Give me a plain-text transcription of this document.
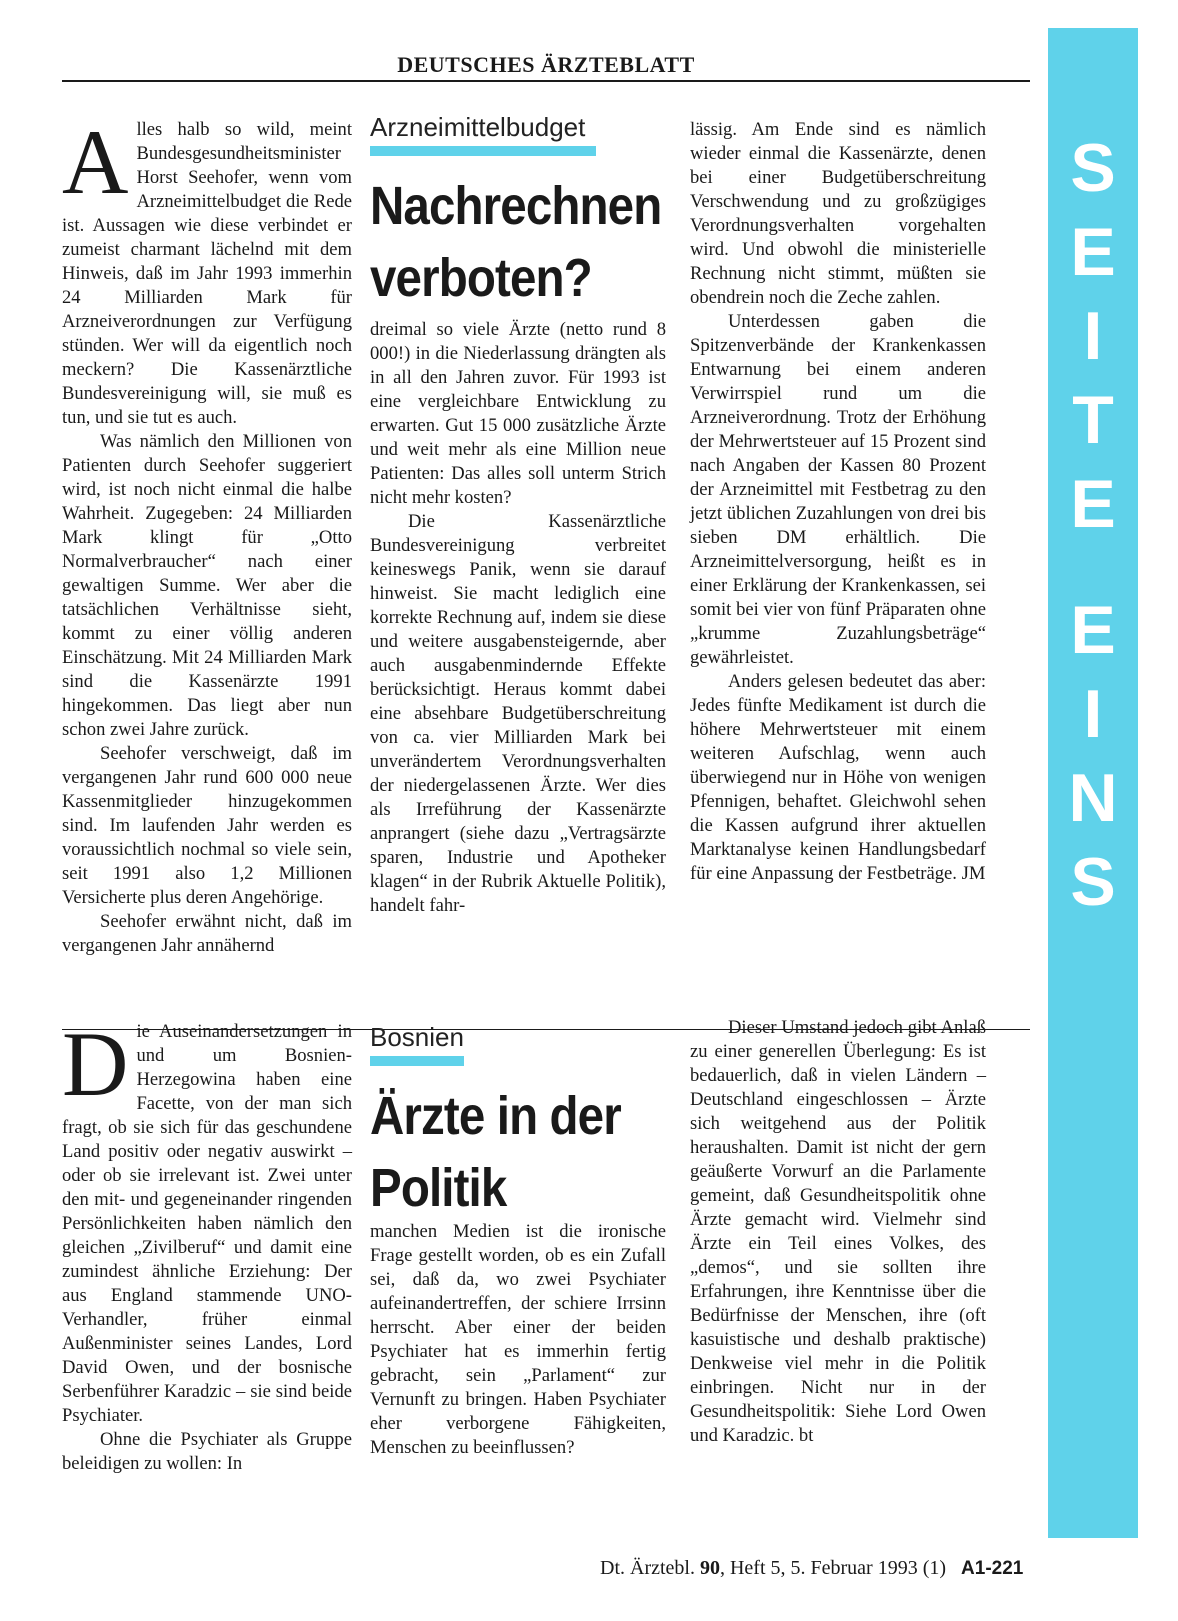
DEUTSCHES ÄRZTEBLATT
S
E
I
T
E
E
I
N
S

Alles halb so wild, meint Bundesgesundheitsminister Horst Seehofer, wenn vom Arzneimittelbudget die Rede ist. Aussagen wie diese verbindet er zumeist charmant lächelnd mit dem Hinweis, daß im Jahr 1993 immerhin 24 Milliarden Mark für Arzneiverordnungen zur Verfügung stünden. Wer will da eigentlich noch meckern? Die Kassenärztliche Bundesvereinigung will, sie muß es tun, und sie tut es auch.

Was nämlich den Millionen von Patienten durch Seehofer suggeriert wird, ist noch nicht einmal die halbe Wahrheit. Zugegeben: 24 Milliarden Mark klingt für „Otto Normalverbraucher“ nach einer gewaltigen Summe. Wer aber die tatsächlichen Verhältnisse sieht, kommt zu einer völlig anderen Einschätzung. Mit 24 Milliarden Mark sind die Kassenärzte 1991 hingekommen. Das liegt aber nun schon zwei Jahre zurück.

Seehofer verschweigt, daß im vergangenen Jahr rund 600 000 neue Kassenmitglieder hinzugekommen sind. Im laufenden Jahr werden es voraussichtlich nochmal so viele sein, seit 1991 also 1,2 Millionen Versicherte plus deren Angehörige.

Seehofer erwähnt nicht, daß im vergangenen Jahr annähernd

Arzneimittelbudget
Nachrechnen
verboten?

dreimal so viele Ärzte (netto rund 8 000!) in die Niederlassung drängten als in all den Jahren zuvor. Für 1993 ist eine vergleichbare Entwicklung zu erwarten. Gut 15 000 zusätzliche Ärzte und weit mehr als eine Million neue Patienten: Das alles soll unterm Strich nicht mehr kosten?

Die Kassenärztliche Bundesvereinigung verbreitet keineswegs Panik, wenn sie darauf hinweist. Sie macht lediglich eine korrekte Rechnung auf, indem sie diese und weitere ausgabensteigernde, aber auch ausgabenmindernde Effekte berücksichtigt. Heraus kommt dabei eine absehbare Budgetüberschreitung von ca. vier Milliarden Mark bei unverändertem Verordnungsverhalten der niedergelassenen Ärzte. Wer dies als Irreführung der Kassenärzte anprangert (siehe dazu „Vertragsärzte sparen, Industrie und Apotheker klagen“ in der Rubrik Aktuelle Politik), handelt fahr-

lässig. Am Ende sind es nämlich wieder einmal die Kassenärzte, denen bei einer Budgetüberschreitung Verschwendung und zu großzügiges Verordnungsverhalten vorgehalten wird. Und obwohl die ministerielle Rechnung nicht stimmt, müßten sie obendrein noch die Zeche zahlen.

Unterdessen gaben die Spitzenverbände der Krankenkassen Entwarnung bei einem anderen Verwirrspiel rund um die Arzneiverordnung. Trotz der Erhöhung der Mehrwertsteuer auf 15 Prozent sind nach Angaben der Kassen 80 Prozent der Arzneimittel mit Festbetrag zu den jetzt üblichen Zuzahlungen von drei bis sieben DM erhältlich. Die Arzneimittelversorgung, heißt es in einer Erklärung der Krankenkassen, sei somit bei vier von fünf Präparaten ohne „krumme Zuzahlungsbeträge“ gewährleistet.

Anders gelesen bedeutet das aber: Jedes fünfte Medikament ist durch die höhere Mehrwertsteuer mit einem weiteren Aufschlag, wenn auch überwiegend nur in Höhe von wenigen Pfennigen, behaftet. Gleichwohl sehen die Kassen aufgrund ihrer aktuellen Marktanalyse keinen Handlungsbedarf für eine Anpassung der Festbeträge. JM

Die Auseinandersetzungen in und um Bosnien-Herzegowina haben eine Facette, von der man sich fragt, ob sie sich für das geschundene Land positiv oder negativ auswirkt – oder ob sie irrelevant ist. Zwei unter den mit- und gegeneinander ringenden Persönlichkeiten haben nämlich den gleichen „Zivilberuf“ und damit eine zumindest ähnliche Erziehung: Der aus England stammende UNO-Verhandler, früher einmal Außenminister seines Landes, Lord David Owen, und der bosnische Serbenführer Karadzic – sie sind beide Psychiater.

Ohne die Psychiater als Gruppe beleidigen zu wollen: In

Bosnien
Ärzte in der
Politik

manchen Medien ist die ironische Frage gestellt worden, ob es ein Zufall sei, daß da, wo zwei Psychiater aufeinandertreffen, der schiere Irrsinn herrscht. Aber einer der beiden Psychiater hat es immerhin fertig gebracht, sein „Parlament“ zur Vernunft zu bringen. Haben Psychiater eher verborgene Fähigkeiten, Menschen zu beeinflussen?

Dieser Umstand jedoch gibt Anlaß zu einer generellen Überlegung: Es ist bedauerlich, daß in vielen Ländern – Deutschland eingeschlossen – Ärzte sich weitgehend aus der Politik heraushalten. Damit ist nicht der gern geäußerte Vorwurf an die Parlamente gemeint, daß Gesundheitspolitik ohne Ärzte gemacht wird. Vielmehr sind Ärzte ein Teil eines Volkes, des „demos“, und sie sollten ihre Erfahrungen, ihre Kenntnisse über die Bedürfnisse der Menschen, ihre (oft kasuistische und deshalb praktische) Denkweise viel mehr in die Politik einbringen. Nicht nur in der Gesundheitspolitik: Siehe Lord Owen und Karadzic. bt

Dt. Ärztebl. 90, Heft 5, 5. Februar 1993 (1) A1-221
